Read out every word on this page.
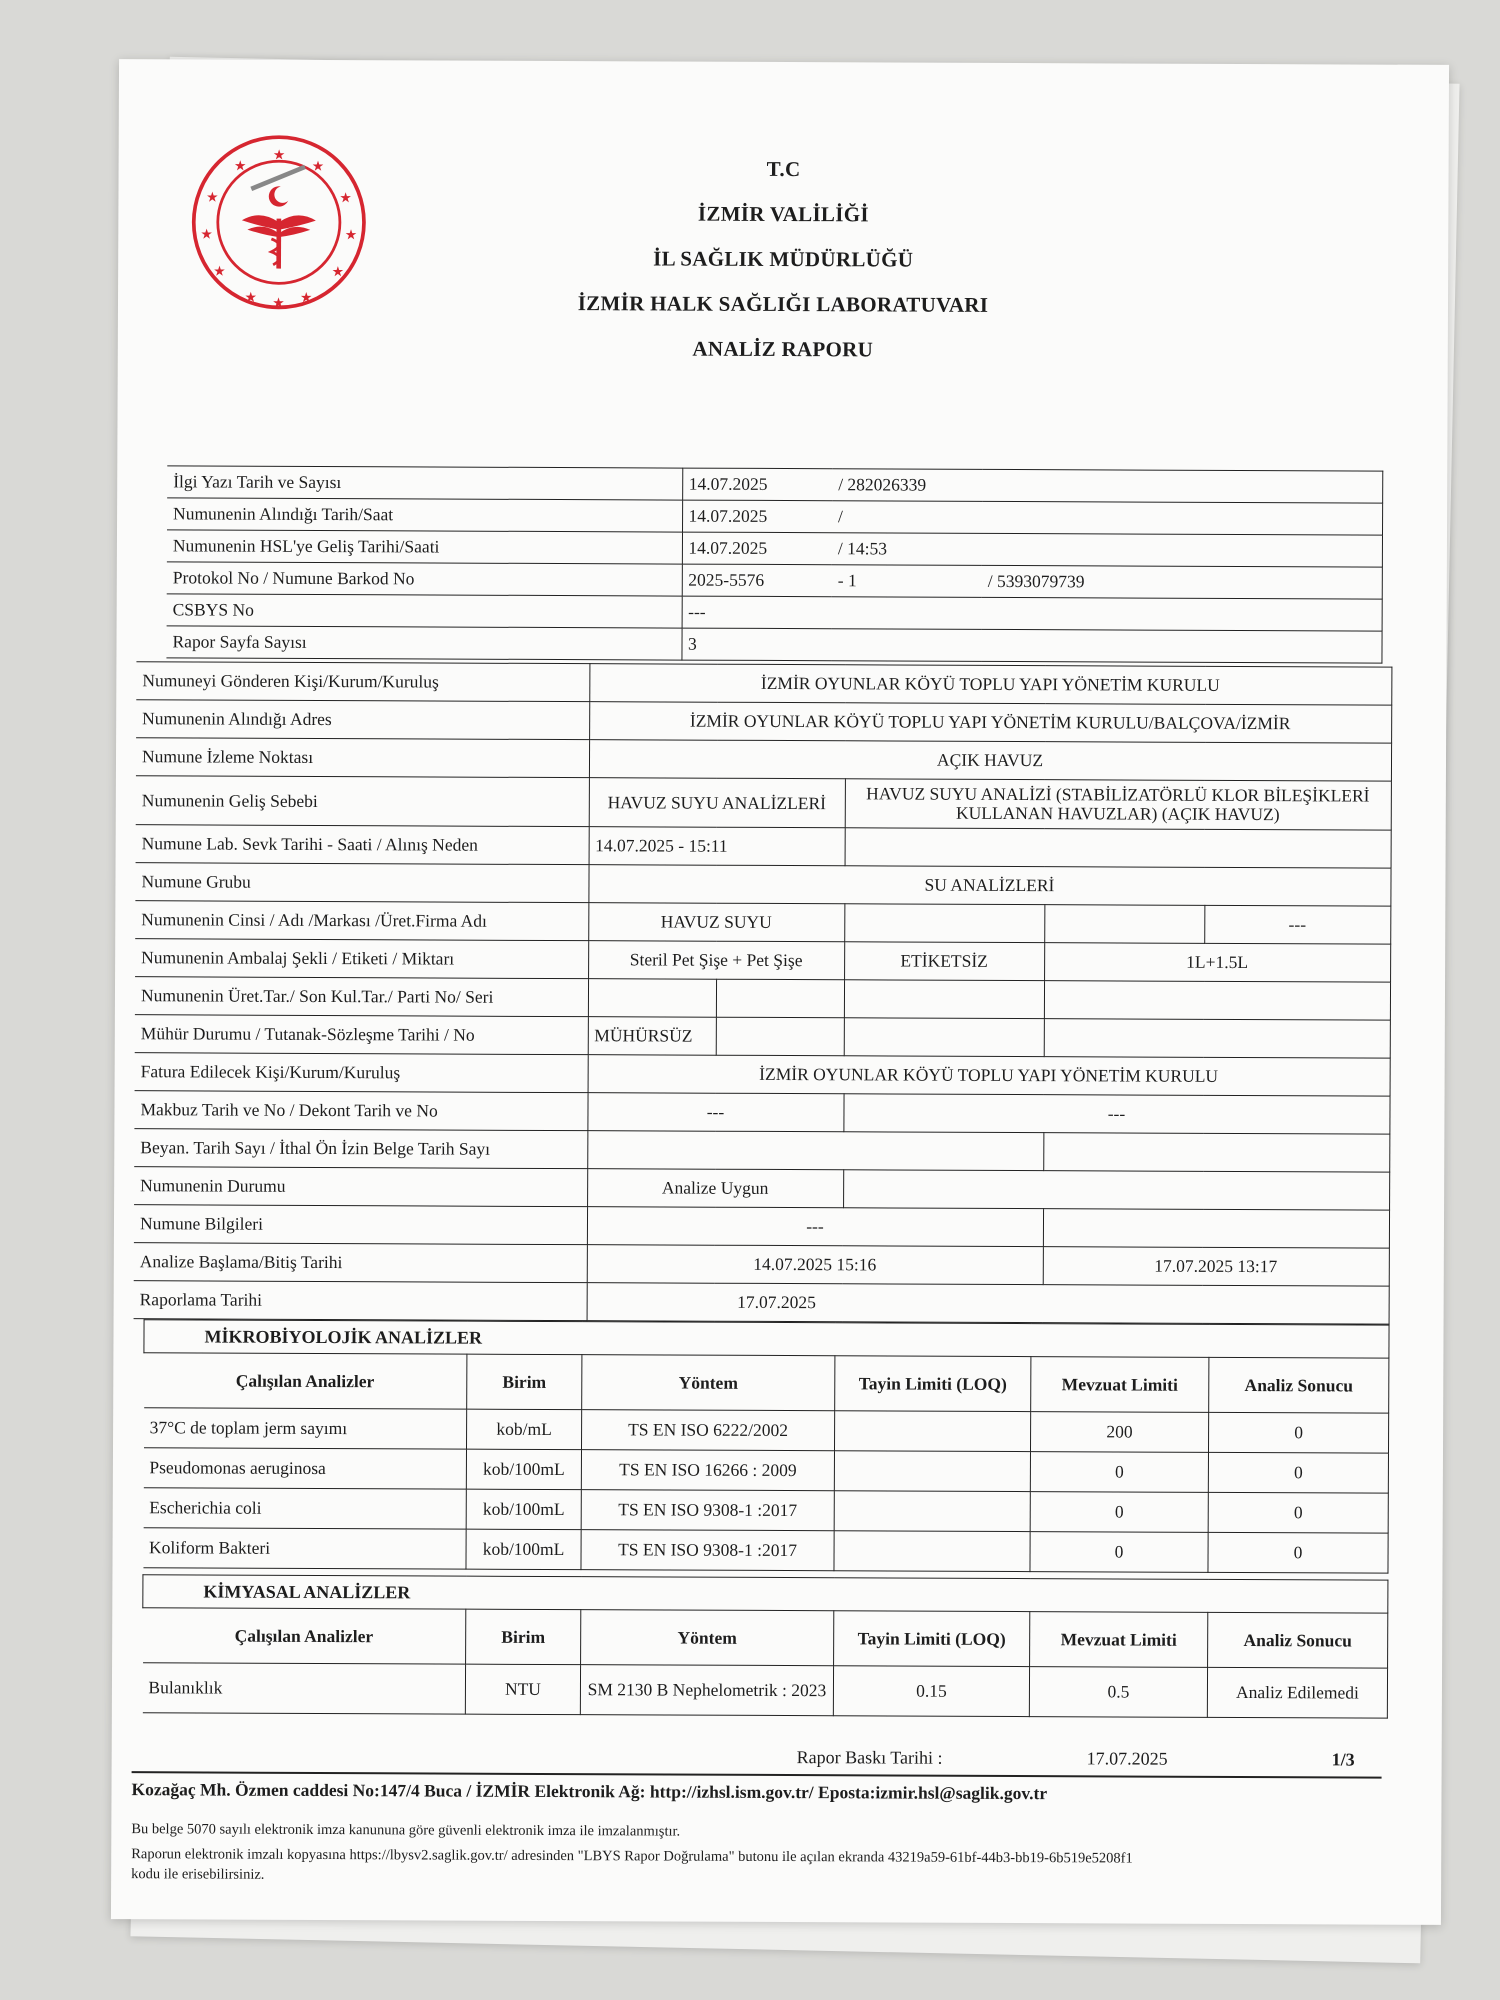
★
★	★
★	★
★	★
★	★
★	★
★
T.C
İZMİR VALİLİĞİ
İL SAĞLIK MÜDÜRLÜĞÜ
İZMİR HALK SAĞLIĞI LABORATUVARI
ANALİZ RAPORU
İlgi Yazı Tarih ve Sayısı	14.07.2025	/ 282026339	
Numunenin Alındığı Tarih/Saat	14.07.2025	/	
Numunenin HSL'ye Geliş Tarihi/Saati	14.07.2025	/ 14:53	
Protokol No / Numune Barkod No	2025-5576	- 1	/ 5393079739
CSBYS No	---		
Rapor Sayfa Sayısı	3		
Numuneyi Gönderen Kişi/Kurum/Kuruluş	İZMİR OYUNLAR KÖYÜ TOPLU YAPI YÖNETİM KURULU				
Numunenin Alındığı Adres	İZMİR OYUNLAR KÖYÜ TOPLU YAPI YÖNETİM KURULU/BALÇOVA/İZMİR				
Numune İzleme Noktası	AÇIK HAVUZ				
Numunenin Geliş Sebebi	HAVUZ SUYU ANALİZLERİ		HAVUZ SUYU ANALİZİ (STABİLİZATÖRLÜ KLOR BİLEŞİKLERİ KULLANAN HAVUZLAR) (AÇIK HAVUZ)		
Numune Lab. Sevk Tarihi - Saati / Alınış Neden	14.07.2025 - 15:11				
Numune Grubu	SU ANALİZLERİ				
Numunenin Cinsi / Adı /Markası /Üret.Firma Adı	HAVUZ SUYU				---
Numunenin Ambalaj Şekli / Etiketi / Miktarı	Steril Pet Şişe + Pet Şişe		ETİKETSİZ	1L+1.5L	
Numunenin Üret.Tar./ Son Kul.Tar./ Parti No/ Seri					
Mühür Durumu / Tutanak-Sözleşme Tarihi / No	MÜHÜRSÜZ				
Fatura Edilecek Kişi/Kurum/Kuruluş	İZMİR OYUNLAR KÖYÜ TOPLU YAPI YÖNETİM KURULU				
Makbuz Tarih ve No / Dekont Tarih ve No	---		---		
Beyan. Tarih Sayı / İthal Ön İzin Belge Tarih Sayı					
Numunenin Durumu	Analize Uygun				
Numune Bilgileri	---				
Analize Başlama/Bitiş Tarihi	14.07.2025 15:16			17.07.2025 13:17	
Raporlama Tarihi	17.07.2025				
MİKROBİYOLOJİK ANALİZLER					
Çalışılan Analizler	Birim	Yöntem	Tayin Limiti (LOQ)	Mevzuat Limiti	Analiz Sonucu
37°C de toplam jerm sayımı	kob/mL	TS EN ISO 6222/2002		200	0
Pseudomonas aeruginosa	kob/100mL	TS EN ISO 16266 : 2009		0	0
Escherichia coli	kob/100mL	TS EN ISO 9308-1 :2017		0	0
Koliform Bakteri	kob/100mL	TS EN ISO 9308-1 :2017		0	0
KİMYASAL ANALİZLER					
Çalışılan Analizler	Birim	Yöntem	Tayin Limiti (LOQ)	Mevzuat Limiti	Analiz Sonucu
Bulanıklık	NTU	SM 2130 B Nephelometrik : 2023	0.15	0.5	Analiz Edilemedi
Rapor Baskı Tarihi :	17.07.2025	1/3
Kozağaç Mh. Özmen caddesi No:147/4 Buca / İZMİR Elektronik Ağ: http://izhsl.ism.gov.tr/ Eposta:izmir.hsl@saglik.gov.tr
Bu belge 5070 sayılı elektronik imza kanununa göre güvenli elektronik imza ile imzalanmıştır.
Raporun elektronik imzalı kopyasına https://lbysv2.saglik.gov.tr/ adresinden "LBYS Rapor Doğrulama" butonu ile açılan ekranda 43219a59-61bf-44b3-bb19-6b519e5208f1
kodu ile erisebilirsiniz.
